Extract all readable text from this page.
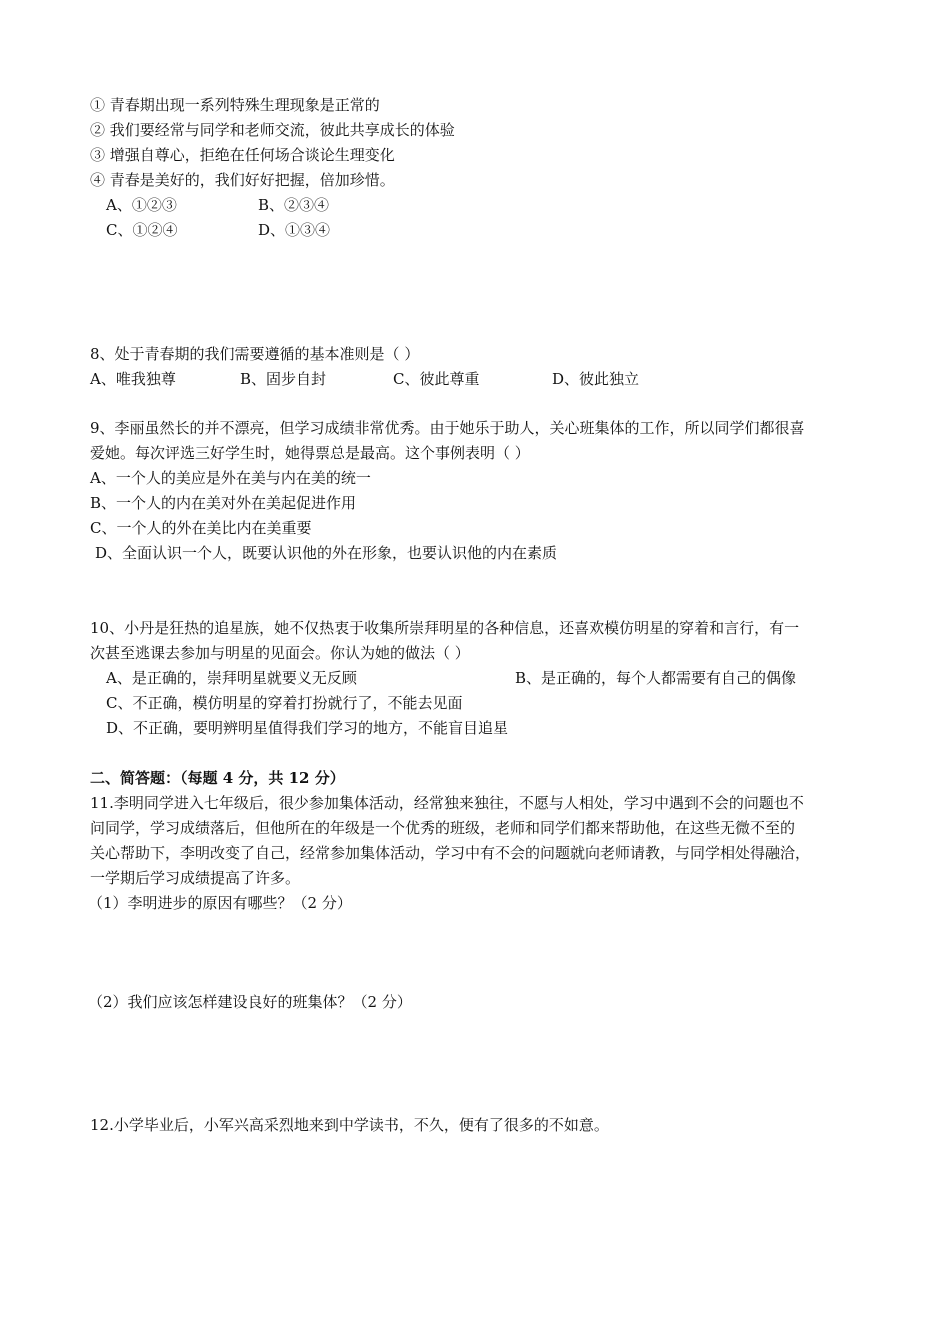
① 青春期出现一系列特殊生理现象是正常的
② 我们要经常与同学和老师交流，彼此共享成长的体验
③ 增强自尊心，拒绝在任何场合谈论生理变化
④ 青春是美好的，我们好好把握，倍加珍惜。
A、①②③	B、②③④
C、①②④	D、①③④
8、处于青春期的我们需要遵循的基本准则是（ ）
A、唯我独尊	B、固步自封	C、彼此尊重	D、彼此独立
9、李丽虽然长的并不漂亮，但学习成绩非常优秀。由于她乐于助人，关心班集体的工作，所以同学们都很喜
爱她。每次评选三好学生时，她得票总是最高。这个事例表明（ ）
A、一个人的美应是外在美与内在美的统一
B、一个人的内在美对外在美起促进作用
C、一个人的外在美比内在美重要
D、全面认识一个人，既要认识他的外在形象，也要认识他的内在素质
10、小丹是狂热的追星族，她不仅热衷于收集所崇拜明星的各种信息，还喜欢模仿明星的穿着和言行，有一
次甚至逃课去参加与明星的见面会。你认为她的做法（ ）
A、是正确的，崇拜明星就要义无反顾	B、是正确的，每个人都需要有自己的偶像
C、不正确，模仿明星的穿着打扮就行了，不能去见面
D、不正确，要明辨明星值得我们学习的地方，不能盲目追星
二、简答题：（每题 4 分，共 12 分）
11.李明同学进入七年级后，很少参加集体活动，经常独来独往，不愿与人相处，学习中遇到不会的问题也不
问同学，学习成绩落后，但他所在的年级是一个优秀的班级，老师和同学们都来帮助他，在这些无微不至的
关心帮助下，李明改变了自己，经常参加集体活动，学习中有不会的问题就向老师请教，与同学相处得融洽，
一学期后学习成绩提高了许多。
（1）李明进步的原因有哪些？（2 分）
（2）我们应该怎样建设良好的班集体？（2 分）
12.小学毕业后，小军兴高采烈地来到中学读书，不久，便有了很多的不如意。
